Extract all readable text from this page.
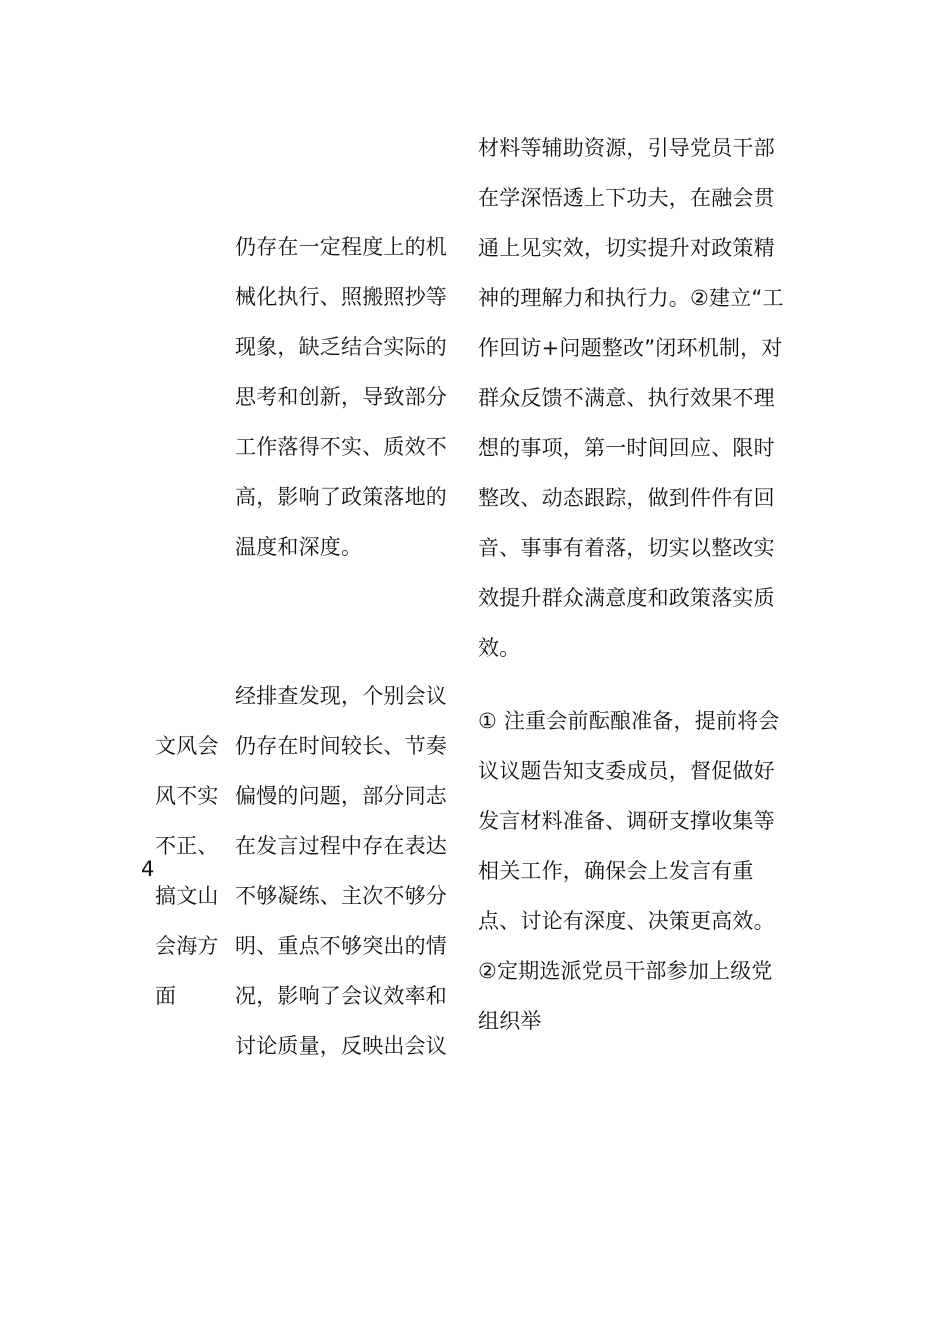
仍存在一定程度上的机
械化执行、照搬照抄等
现象，缺乏结合实际的
思考和创新，导致部分
工作落得不实、质效不
高，影响了政策落地的
温度和深度。
材料等辅助资源，引导党员干部
在学深悟透上下功夫，在融会贯
通上见实效，切实提升对政策精
神的理解力和执行力。②建立“工
作回访+问题整改”闭环机制，对
群众反馈不满意、执行效果不理
想的事项，第一时间回应、限时
整改、动态跟踪，做到件件有回
音、事事有着落，切实以整改实
效提升群众满意度和政策落实质
效。
4
文风会
风不实
不正、
搞文山
会海方
面
经排查发现，个别会议
仍存在时间较长、节奏
偏慢的问题，部分同志
在发言过程中存在表达
不够凝练、主次不够分
明、重点不够突出的情
况，影响了会议效率和
讨论质量，反映出会议
① 注重会前酝酿准备，提前将会
议议题告知支委成员，督促做好
发言材料准备、调研支撑收集等
相关工作，确保会上发言有重
点、讨论有深度、决策更高效。
②定期选派党员干部参加上级党
组织举
